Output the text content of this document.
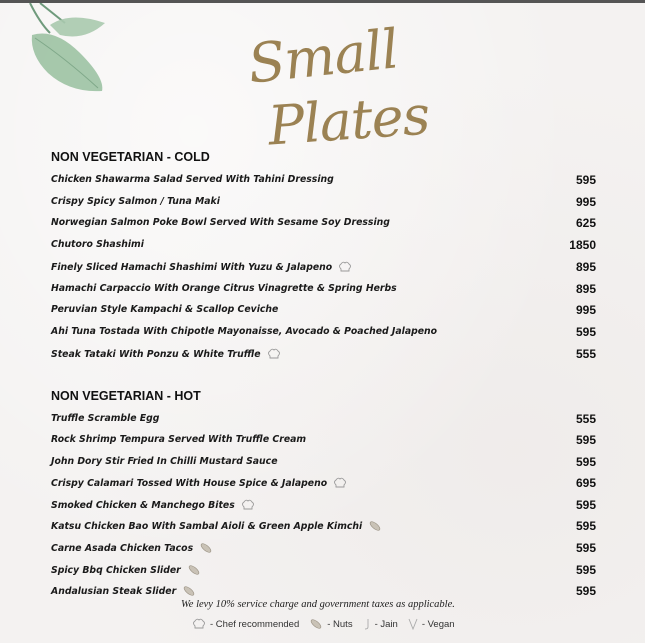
Small
Plates
NON VEGETARIAN - COLD
Chicken Shawarma Salad Served With Tahini Dressing	595
Crispy Spicy Salmon / Tuna Maki	995
Norwegian Salmon Poke Bowl Served With Sesame Soy Dressing	625
Chutoro Shashimi	1850
Finely Sliced Hamachi Shashimi With Yuzu & Jalapeno	895
Hamachi Carpaccio With Orange Citrus Vinagrette & Spring Herbs	895
Peruvian Style Kampachi & Scallop Ceviche	995
Ahi Tuna Tostada With Chipotle Mayonaisse, Avocado & Poached Jalapeno	595
Steak Tataki With Ponzu & White Truffle	555
NON VEGETARIAN - HOT
Truffle Scramble Egg	555
Rock Shrimp Tempura Served With Truffle Cream	595
John Dory Stir Fried In Chilli Mustard Sauce	595
Crispy Calamari Tossed With House Spice & Jalapeno	695
Smoked Chicken & Manchego Bites	595
Katsu Chicken Bao With Sambal Aioli & Green Apple Kimchi	595
Carne Asada Chicken Tacos	595
Spicy Bbq Chicken Slider	595
Andalusian Steak Slider	595
We levy 10% service charge and government taxes as applicable.
- Chef recommended	- Nuts - Jain	- Vegan
